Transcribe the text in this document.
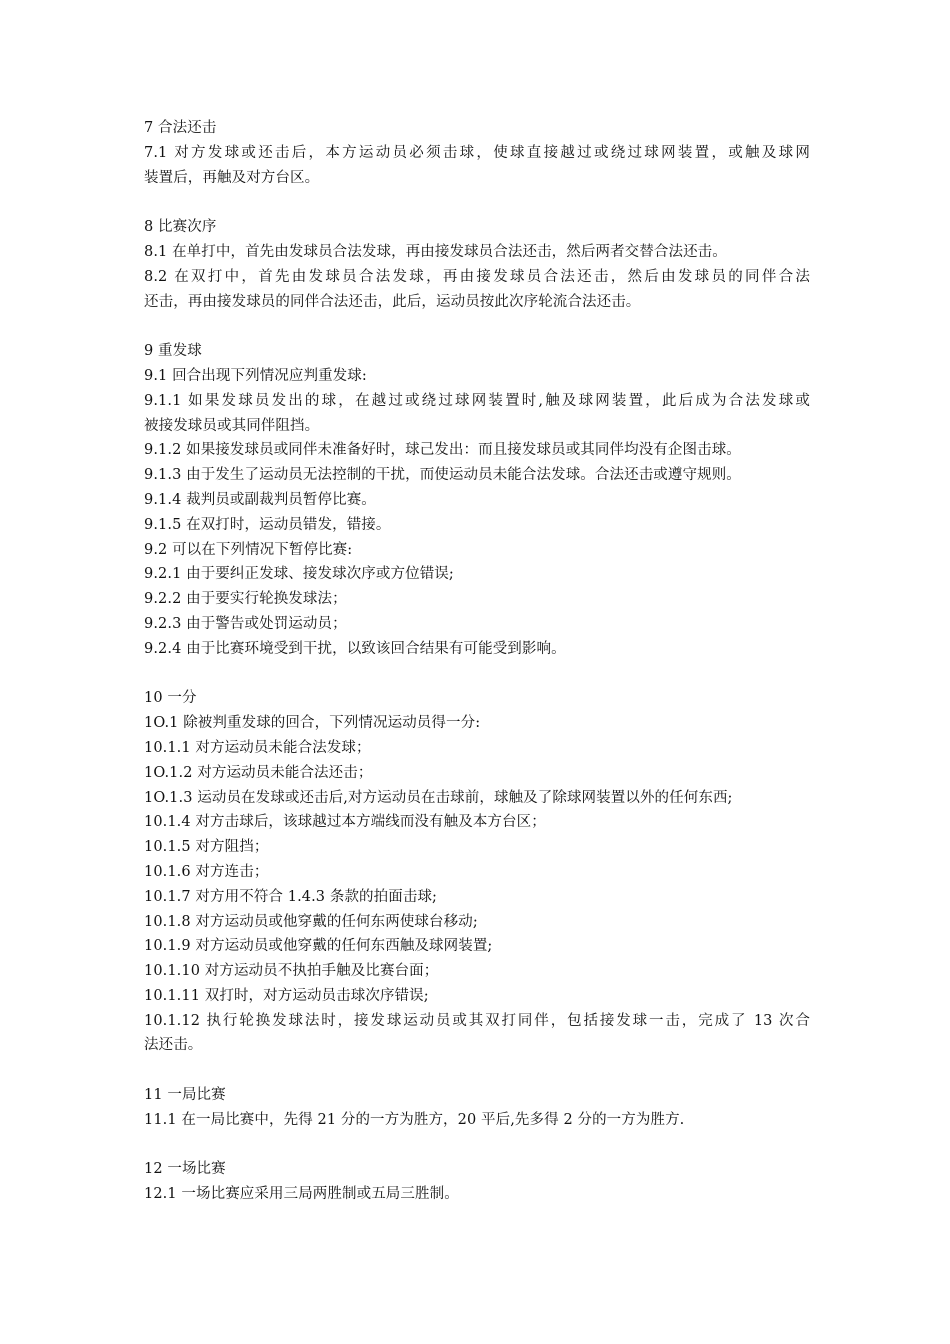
7 合法还击
7.1 对方发球或还击后，本方运动员必须击球，使球直接越过或绕过球网装置，或触及球网
装置后，再触及对方台区。
8 比赛次序
8.1 在单打中，首先由发球员合法发球，再由接发球员合法还击，然后两者交替合法还击。
8.2 在双打中，首先由发球员合法发球，再由接发球员合法还击，然后由发球员的同伴合法
还击，再由接发球员的同伴合法还击，此后，运动员按此次序轮流合法还击。
9 重发球
9.1 回合出现下列情况应判重发球:
9.1.1 如果发球员发出的球，在越过或绕过球网装置时,触及球网装置，此后成为合法发球或
被接发球员或其同伴阻挡。
9.1.2 如果接发球员或同伴未准备好时，球己发出：而且接发球员或其同伴均没有企图击球。
9.1.3 由于发生了运动员无法控制的干扰，而使运动员未能合法发球。合法还击或遵守规则。
9.1.4 裁判员或副裁判员暂停比赛。
9.1.5 在双打时，运动员错发，错接。
9.2 可以在下列情况下暂停比赛:
9.2.1 由于要纠正发球、接发球次序或方位错误;
9.2.2 由于要实行轮换发球法；
9.2.3 由于警告或处罚运动员；
9.2.4 由于比赛环境受到干扰，以致该回合结果有可能受到影响。
10 一分
1O.1 除被判重发球的回合，下列情况运动员得一分:
10.1.1 对方运动员未能合法发球；
1O.1.2 对方运动员未能合法还击；
1O.1.3 运动员在发球或还击后,对方运动员在击球前，球触及了除球网装置以外的任何东西;
10.1.4 对方击球后，该球越过本方端线而没有触及本方台区；
10.1.5 对方阻挡；
10.1.6 对方连击；
10.1.7 对方用不符合 1.4.3 条款的拍面击球;
10.1.8 对方运动员或他穿戴的任何东两使球台移动;
10.1.9 对方运动员或他穿戴的任何东西触及球网装置;
10.1.10 对方运动员不执拍手触及比赛台面；
10.1.11 双打时，对方运动员击球次序错误;
10.1.12 执行轮换发球法时，接发球运动员或其双打同伴，包括接发球一击，完成了 13 次合
法还击。
11 一局比赛
11.1 在一局比赛中，先得 21 分的一方为胜方，20 平后,先多得 2 分的一方为胜方.
12 一场比赛
12.1 一场比赛应采用三局两胜制或五局三胜制。
